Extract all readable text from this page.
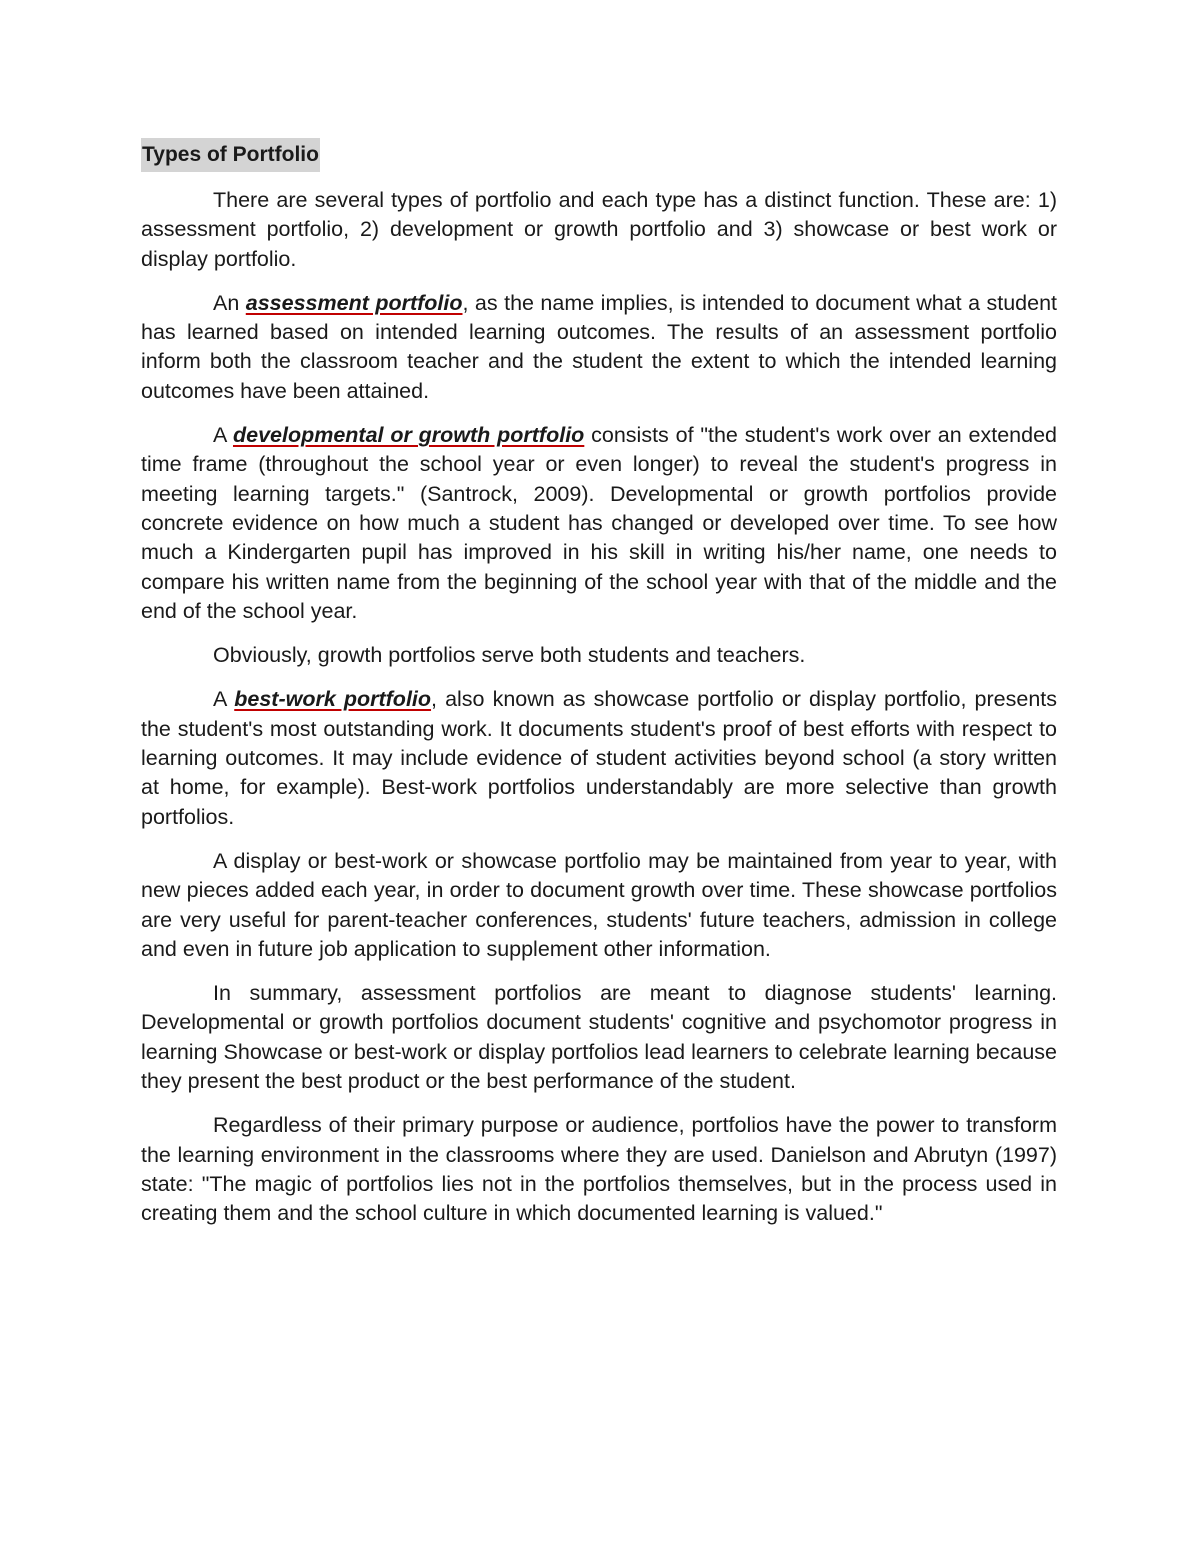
Types of Portfolio

There are several types of portfolio and each type has a distinct function. These are: 1) assessment portfolio, 2) development or growth portfolio and 3) showcase or best work or display portfolio.

An assessment portfolio, as the name implies, is intended to document what a student has learned based on intended learning outcomes. The results of an assessment portfolio inform both the classroom teacher and the student the extent to which the intended learning outcomes have been attained.

A developmental or growth portfolio consists of "the student's work over an extended time frame (throughout the school year or even longer) to reveal the student's progress in meeting learning targets." (Santrock, 2009). Developmental or growth portfolios provide concrete evidence on how much a student has changed or developed over time. To see how much a Kindergarten pupil has improved in his skill in writing his/her name, one needs to compare his written name from the beginning of the school year with that of the middle and the end of the school year.

Obviously, growth portfolios serve both students and teachers.

A best-work portfolio, also known as showcase portfolio or display portfolio, presents the student's most outstanding work. It documents student's proof of best efforts with respect to learning outcomes. It may include evidence of student activities beyond school (a story written at home, for example). Best-work portfolios understandably are more selective than growth portfolios.

A display or best-work or showcase portfolio may be maintained from year to year, with new pieces added each year, in order to document growth over time. These showcase portfolios are very useful for parent-teacher conferences, students' future teachers, admission in college and even in future job application to supplement other information.

In summary, assessment portfolios are meant to diagnose students' learning. Developmental or growth portfolios document students' cognitive and psychomotor progress in learning Showcase or best-work or display portfolios lead learners to celebrate learning because they present the best product or the best performance of the student.

Regardless of their primary purpose or audience, portfolios have the power to transform the learning environment in the classrooms where they are used. Danielson and Abrutyn (1997) state: "The magic of portfolios lies not in the portfolios themselves, but in the process used in creating them and the school culture in which documented learning is valued."
